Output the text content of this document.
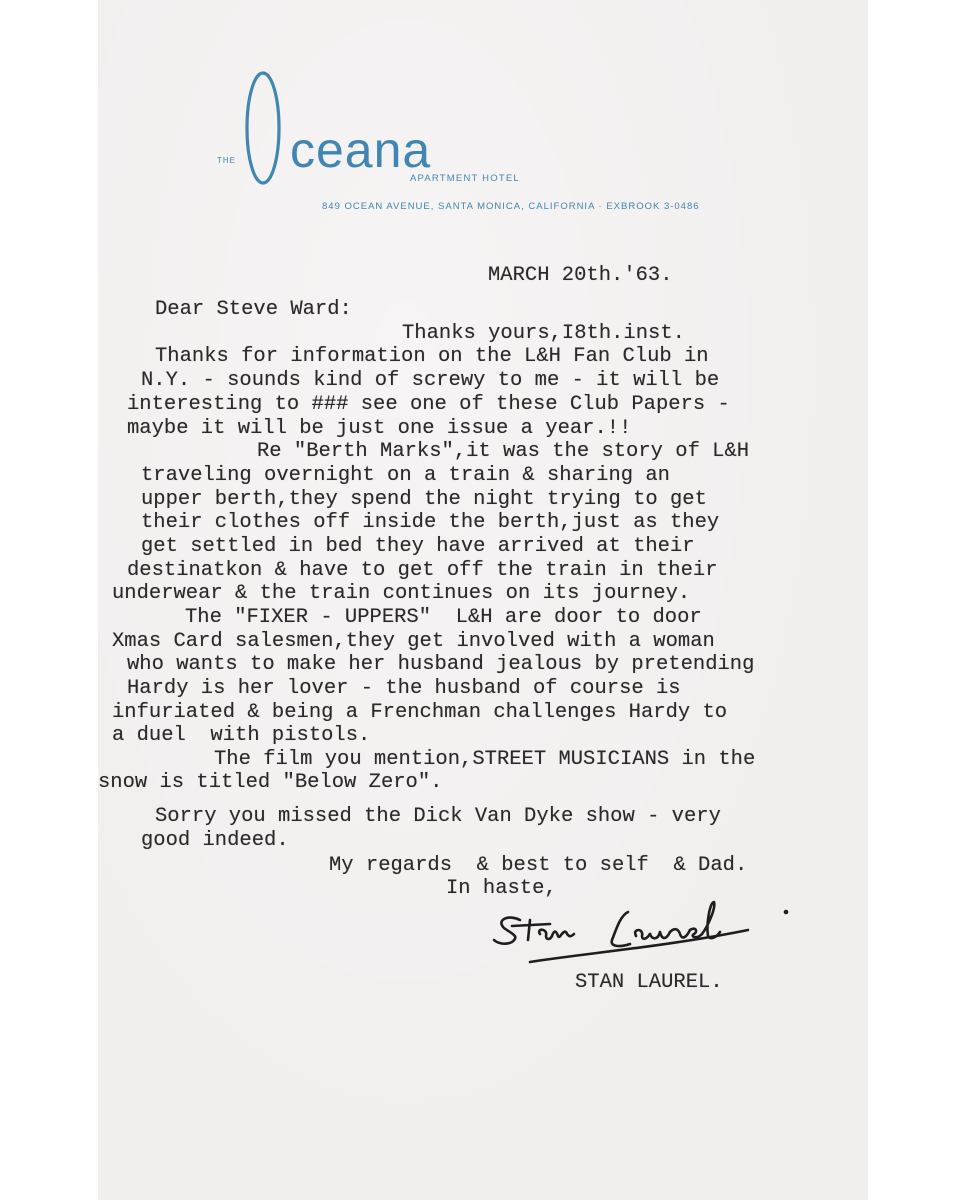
THE ceana
APARTMENT HOTEL
849 OCEAN AVENUE, SANTA MONICA, CALIFORNIA · EXBROOK 3-0486
MARCH 20th.'63.
Dear Steve Ward:
Thanks yours,I8th.inst.
Thanks for information on the L&H Fan Club in
N.Y. - sounds kind of screwy to me - it will be
interesting to ### see one of these Club Papers -
maybe it will be just one issue a year.!!
Re "Berth Marks",it was the story of L&H
traveling overnight on a train & sharing an
upper berth,they spend the night trying to get
their clothes off inside the berth,just as they
get settled in bed they have arrived at their
destinatkon & have to get off the train in their
underwear & the train continues on its journey.
The "FIXER - UPPERS"  L&H are door to door
Xmas Card salesmen,they get involved with a woman
who wants to make her husband jealous by pretending
Hardy is her lover - the husband of course is
infuriated & being a Frenchman challenges Hardy to
a duel  with pistols.
The film you mention,STREET MUSICIANS in the
snow is titled "Below Zero".
Sorry you missed the Dick Van Dyke show - very
good indeed.
My regards  & best to self  & Dad.
In haste,
STAN LAUREL.
